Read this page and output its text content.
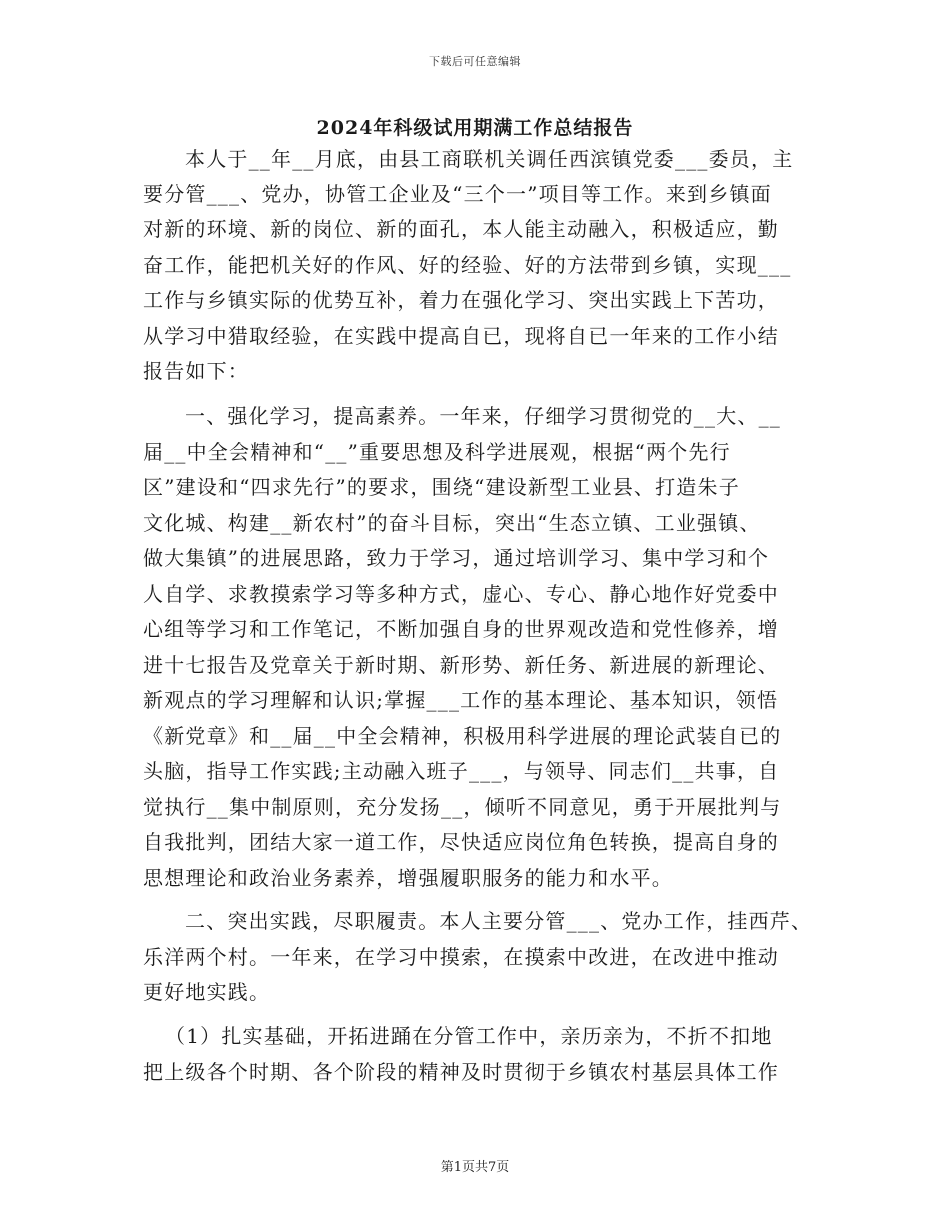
下载后可任意编辑
2024年科级试用期满工作总结报告
本人于__年__月底，由县工商联机关调任西滨镇党委___委员，主
要分管___、党办，协管工企业及“三个一”项目等工作。来到乡镇面
对新的环境、新的岗位、新的面孔，本人能主动融入，积极适应，勤
奋工作，能把机关好的作风、好的经验、好的方法带到乡镇，实现___
工作与乡镇实际的优势互补，着力在强化学习、突出实践上下苦功，
从学习中猎取经验，在实践中提高自已，现将自已一年来的工作小结
报告如下：
一、强化学习，提高素养。一年来，仔细学习贯彻党的__大、__
届__中全会精神和“__”重要思想及科学进展观，根据“两个先行
区”建设和“四求先行”的要求，围绕“建设新型工业县、打造朱子
文化城、构建__新农村”的奋斗目标，突出“生态立镇、工业强镇、
做大集镇”的进展思路，致力于学习，通过培训学习、集中学习和个
人自学、求教摸索学习等多种方式，虚心、专心、静心地作好党委中
心组等学习和工作笔记，不断加强自身的世界观改造和党性修养，增
进十七报告及党章关于新时期、新形势、新任务、新进展的新理论、
新观点的学习理解和认识;掌握___工作的基本理论、基本知识，领悟
《新党章》和__届__中全会精神，积极用科学进展的理论武装自已的
头脑，指导工作实践;主动融入班子___，与领导、同志们__共事，自
觉执行__集中制原则，充分发扬__，倾听不同意见，勇于开展批判与
自我批判，团结大家一道工作，尽快适应岗位角色转换，提高自身的
思想理论和政治业务素养，增强履职服务的能力和水平。
二、突出实践，尽职履责。本人主要分管___、党办工作，挂西芹、
乐洋两个村。一年来，在学习中摸索，在摸索中改进，在改进中推动
更好地实践。
（1）扎实基础，开拓进踊在分管工作中，亲历亲为，不折不扣地
把上级各个时期、各个阶段的精神及时贯彻于乡镇农村基层具体工作
第1页共7页
